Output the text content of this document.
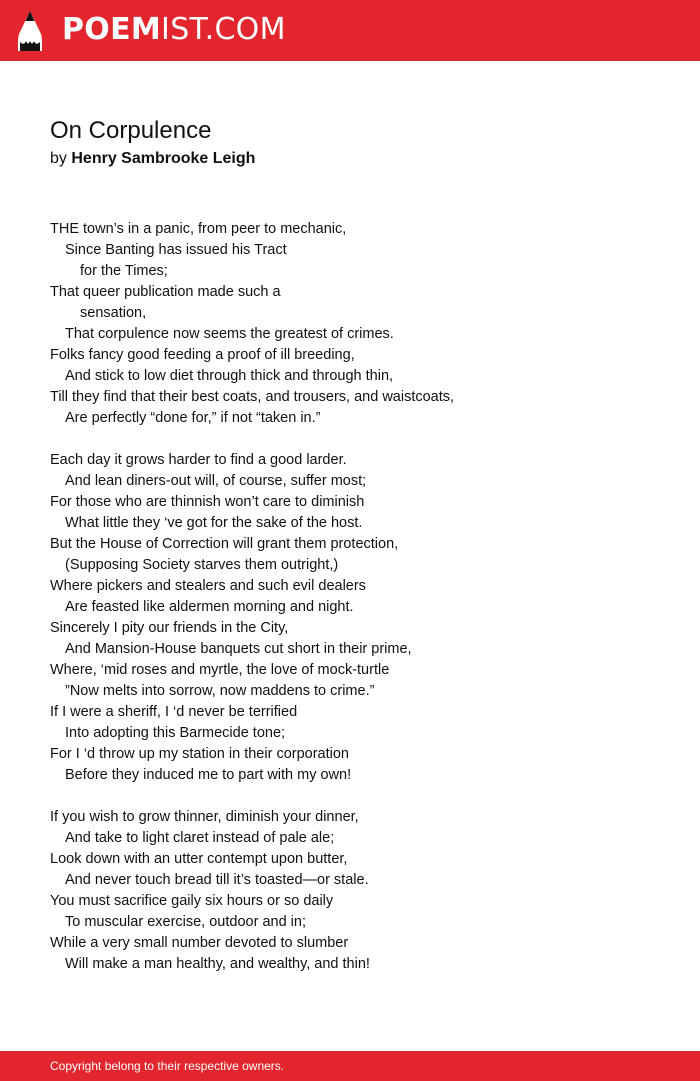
POEMIST.COM
On Corpulence
by Henry Sambrooke Leigh
THE town’s in a panic, from peer to mechanic,
Since Banting has issued his Tract
for the Times;
That queer publication made such a
sensation,
That corpulence now seems the greatest of crimes.
Folks fancy good feeding a proof of ill breeding,
And stick to low diet through thick and through thin,
Till they find that their best coats, and trousers, and waistcoats,
Are perfectly “done for,” if not “taken in.”
Each day it grows harder to find a good larder.
And lean diners-out will, of course, suffer most;
For those who are thinnish won’t care to diminish
What little they ‘ve got for the sake of the host.
But the House of Correction will grant them protection,
(Supposing Society starves them outright,)
Where pickers and stealers and such evil dealers
Are feasted like aldermen morning and night.
Sincerely I pity our friends in the City,
And Mansion-House banquets cut short in their prime,
Where, ‘mid roses and myrtle, the love of mock-turtle
”Now melts into sorrow, now maddens to crime.”
If I were a sheriff, I ‘d never be terrified
Into adopting this Barmecide tone;
For I ‘d throw up my station in their corporation
Before they induced me to part with my own!
If you wish to grow thinner, diminish your dinner,
And take to light claret instead of pale ale;
Look down with an utter contempt upon butter,
And never touch bread till it’s toasted—or stale.
You must sacrifice gaily six hours or so daily
To muscular exercise, outdoor and in;
While a very small number devoted to slumber
Will make a man healthy, and wealthy, and thin!
Copyright belong to their respective owners.
